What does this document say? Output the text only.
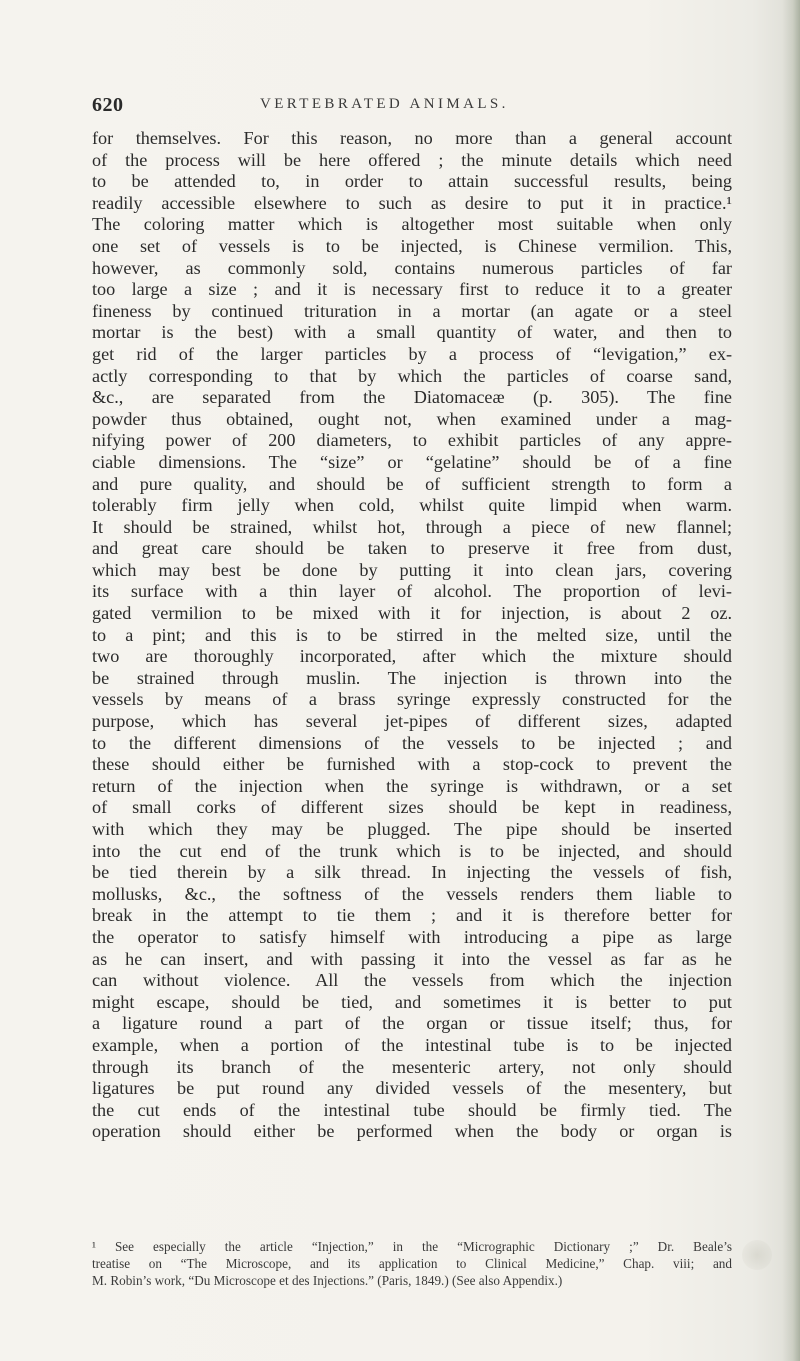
620	VERTEBRATED ANIMALS.
for themselves. For this reason, no more than a general account
of the process will be here offered ; the minute details which need
to be attended to, in order to attain successful results, being
readily accessible elsewhere to such as desire to put it in practice.¹
The coloring matter which is altogether most suitable when only
one set of vessels is to be injected, is Chinese vermilion. This,
however, as commonly sold, contains numerous particles of far
too large a size ; and it is necessary first to reduce it to a greater
fineness by continued trituration in a mortar (an agate or a steel
mortar is the best) with a small quantity of water, and then to
get rid of the larger particles by a process of “levigation,” ex-
actly corresponding to that by which the particles of coarse sand,
&c., are separated from the Diatomaceæ (p. 305). The fine
powder thus obtained, ought not, when examined under a mag-
nifying power of 200 diameters, to exhibit particles of any appre-
ciable dimensions. The “size” or “gelatine” should be of a fine
and pure quality, and should be of sufficient strength to form a
tolerably firm jelly when cold, whilst quite limpid when warm.
It should be strained, whilst hot, through a piece of new flannel;
and great care should be taken to preserve it free from dust,
which may best be done by putting it into clean jars, covering
its surface with a thin layer of alcohol. The proportion of levi-
gated vermilion to be mixed with it for injection, is about 2 oz.
to a pint; and this is to be stirred in the melted size, until the
two are thoroughly incorporated, after which the mixture should
be strained through muslin. The injection is thrown into the
vessels by means of a brass syringe expressly constructed for the
purpose, which has several jet-pipes of different sizes, adapted
to the different dimensions of the vessels to be injected ; and
these should either be furnished with a stop-cock to prevent the
return of the injection when the syringe is withdrawn, or a set
of small corks of different sizes should be kept in readiness,
with which they may be plugged. The pipe should be inserted
into the cut end of the trunk which is to be injected, and should
be tied therein by a silk thread. In injecting the vessels of fish,
mollusks, &c., the softness of the vessels renders them liable to
break in the attempt to tie them ; and it is therefore better for
the operator to satisfy himself with introducing a pipe as large
as he can insert, and with passing it into the vessel as far as he
can without violence. All the vessels from which the injection
might escape, should be tied, and sometimes it is better to put
a ligature round a part of the organ or tissue itself; thus, for
example, when a portion of the intestinal tube is to be injected
through its branch of the mesenteric artery, not only should
ligatures be put round any divided vessels of the mesentery, but
the cut ends of the intestinal tube should be firmly tied. The
operation should either be performed when the body or organ is
¹ See especially the article “Injection,” in the “Micrographic Dictionary ;” Dr. Beale’s
treatise on “The Microscope, and its application to Clinical Medicine,” Chap. viii; and
M. Robin’s work, “Du Microscope et des Injections.” (Paris, 1849.) (See also Appendix.)
